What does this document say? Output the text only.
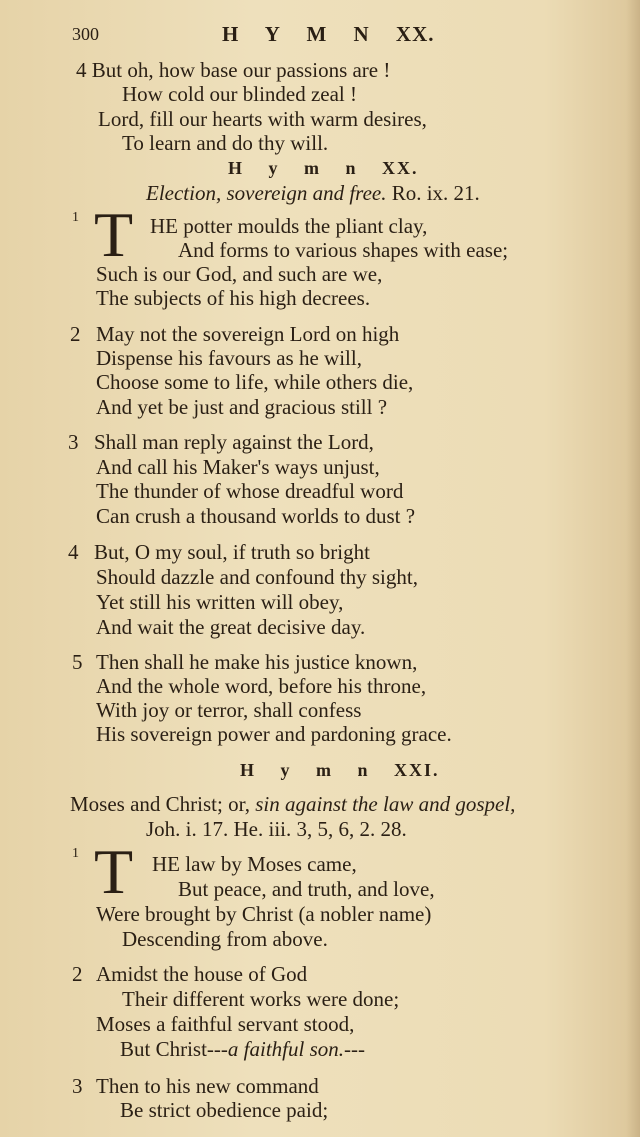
300	H Y M N XX.
4 But oh, how base our passions are !
How cold our blinded zeal !
Lord, fill our hearts with warm desires,
To learn and do thy will.
H y m n XX.
Election, sovereign and free. Ro. ix. 21.
1 T HE potter moulds the pliant clay,
And forms to various shapes with ease;
Such is our God, and such are we,
The subjects of his high decrees.
2 May not the sovereign Lord on high
Dispense his favours as he will,
Choose some to life, while others die,
And yet be just and gracious still ?
3 Shall man reply against the Lord,
And call his Maker's ways unjust,
The thunder of whose dreadful word
Can crush a thousand worlds to dust ?
4 But, O my soul, if truth so bright
Should dazzle and confound thy sight,
Yet still his written will obey,
And wait the great decisive day.
5 Then shall he make his justice known,
And the whole word, before his throne,
With joy or terror, shall confess
His sovereign power and pardoning grace.
H y m n XXI.
Moses and Christ; or, sin against the law and gospel,
Joh. i. 17. He. iii. 3, 5, 6, 2. 28.
1 T HE law by Moses came,
But peace, and truth, and love,
Were brought by Christ (a nobler name)
Descending from above.
2 Amidst the house of God
Their different works were done;
Moses a faithful servant stood,
But Christ---a faithful son.---
3 Then to his new command
Be strict obedience paid;
